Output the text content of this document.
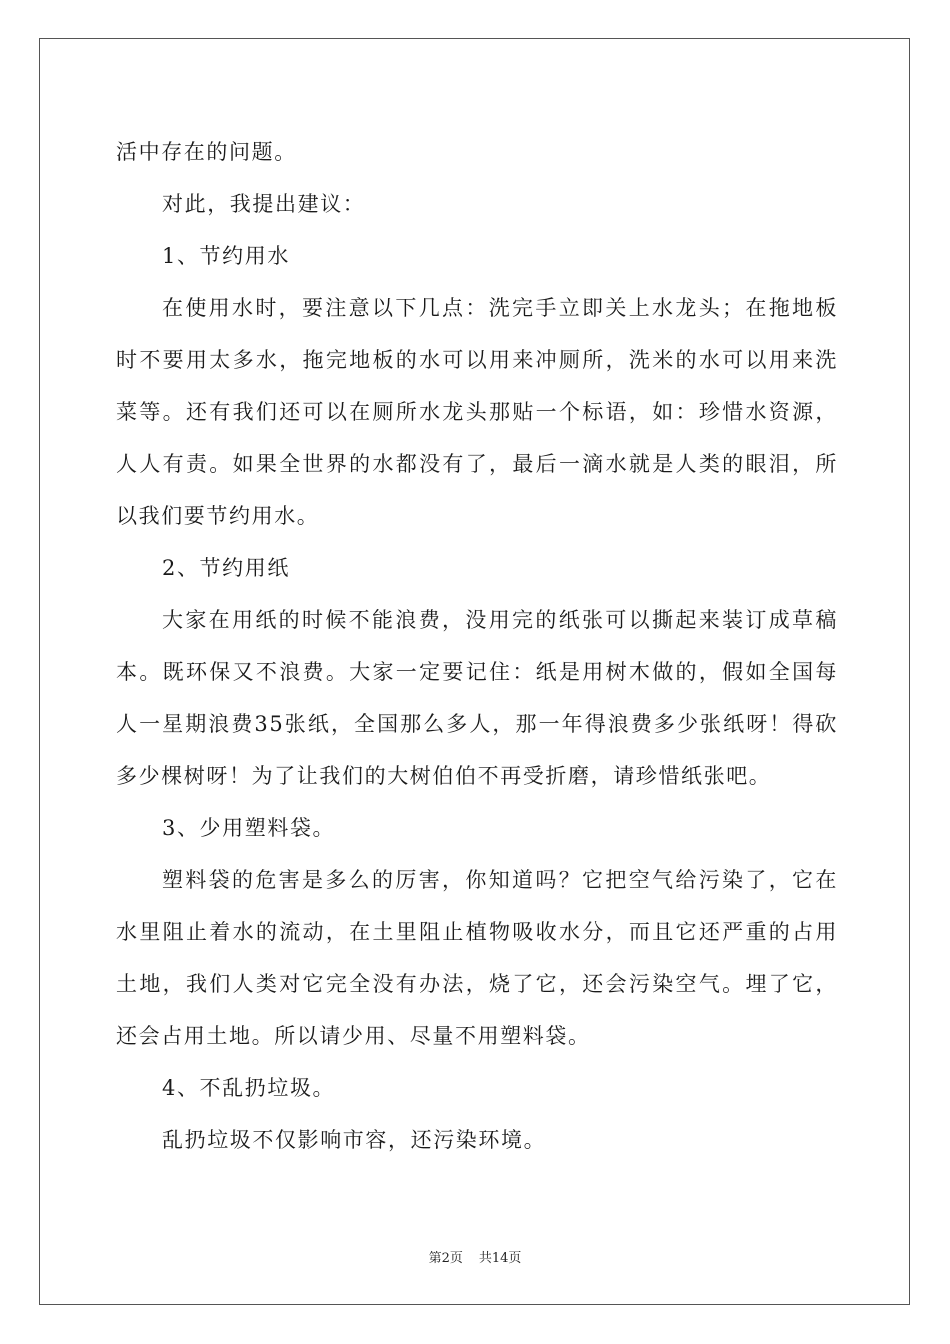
活中存在的问题。

对此，我提出建议：

1、节约用水

在使用水时，要注意以下几点：洗完手立即关上水龙头；在拖地板时不要用太多水，拖完地板的水可以用来冲厕所，洗米的水可以用来洗菜等。还有我们还可以在厕所水龙头那贴一个标语，如：珍惜水资源，人人有责。如果全世界的水都没有了，最后一滴水就是人类的眼泪，所以我们要节约用水。

2、节约用纸

大家在用纸的时候不能浪费，没用完的纸张可以撕起来装订成草稿本。既环保又不浪费。大家一定要记住：纸是用树木做的，假如全国每人一星期浪费35张纸，全国那么多人，那一年得浪费多少张纸呀！得砍多少棵树呀！为了让我们的大树伯伯不再受折磨，请珍惜纸张吧。

3、少用塑料袋。

塑料袋的危害是多么的厉害，你知道吗？它把空气给污染了，它在水里阻止着水的流动，在土里阻止植物吸收水分，而且它还严重的占用土地，我们人类对它完全没有办法，烧了它，还会污染空气。埋了它，还会占用土地。所以请少用、尽量不用塑料袋。

4、不乱扔垃圾。

乱扔垃圾不仅影响市容，还污染环境。

第2页 共14页
